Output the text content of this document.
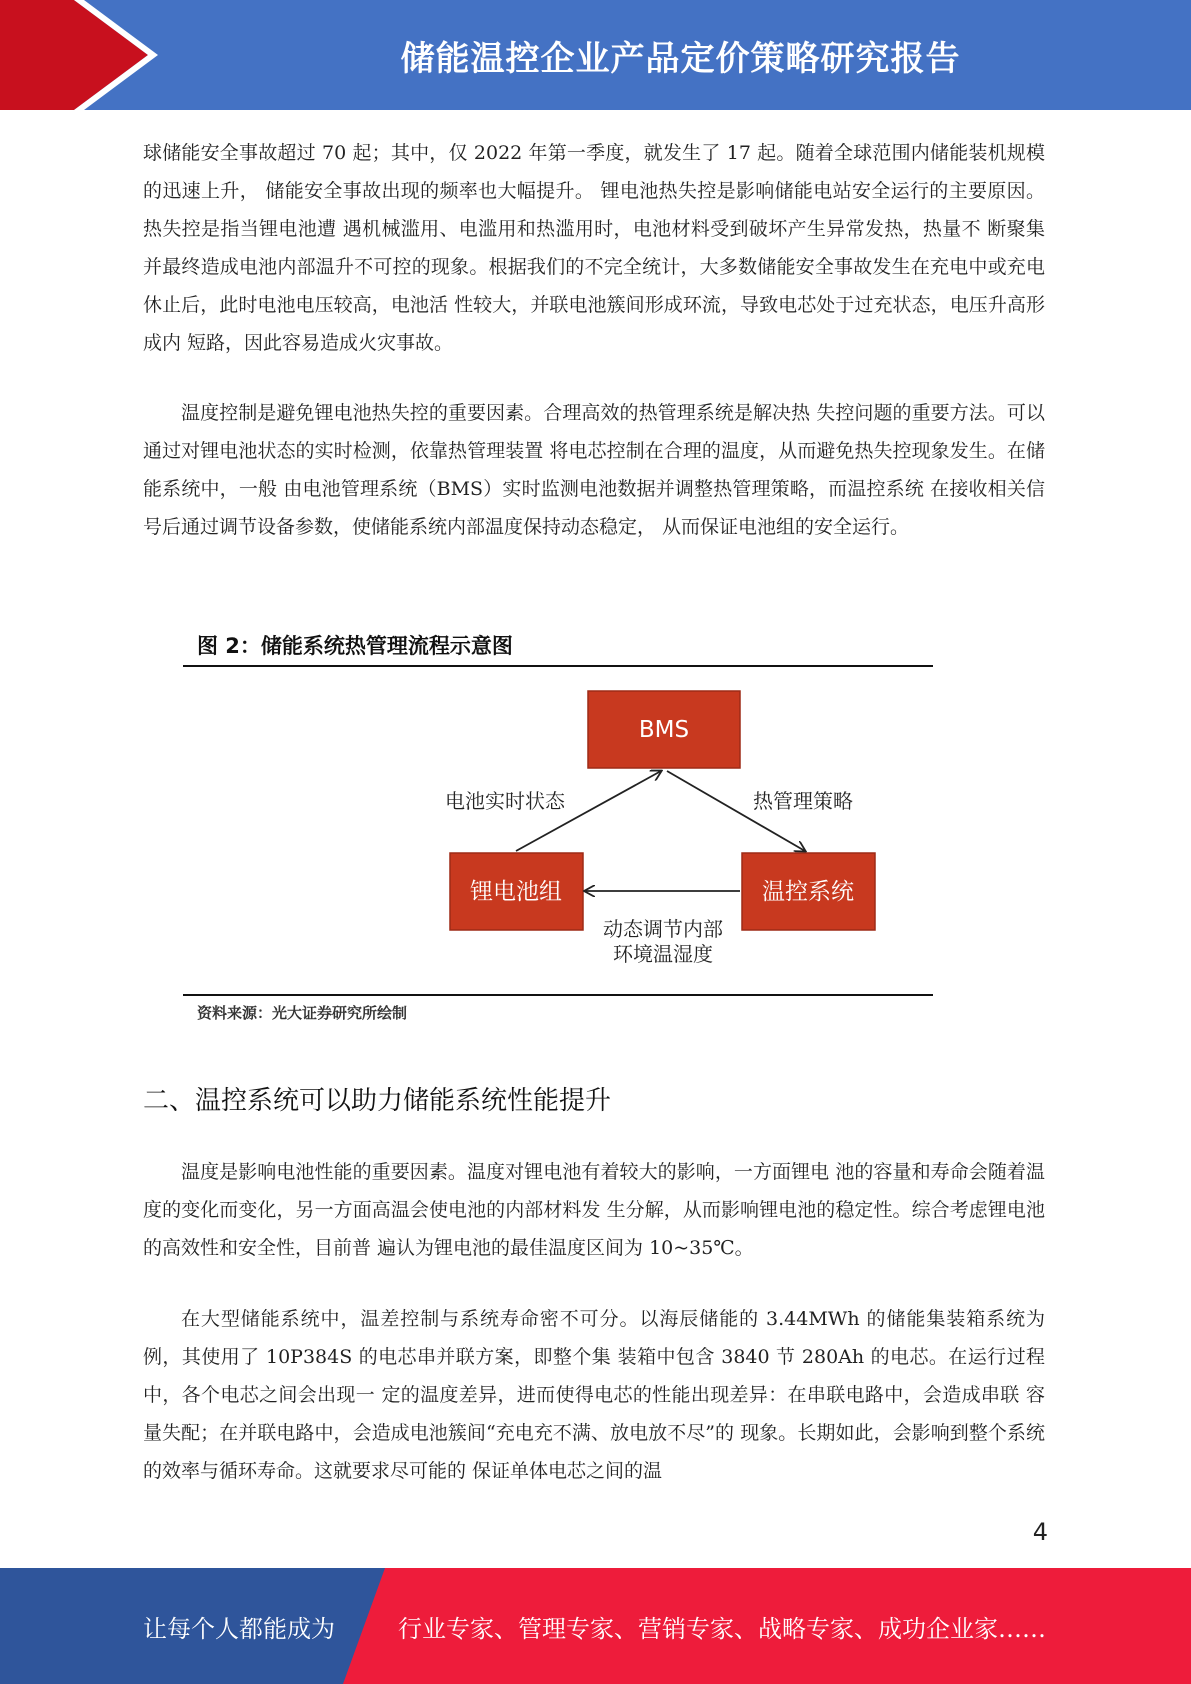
储能温控企业产品定价策略研究报告

球储能安全事故超过 70 起；其中，仅 2022 年第一季度，就发生了 17 起。随着全球范围内储能装机规模的迅速上升， 储能安全事故出现的频率也大幅提升。 锂电池热失控是影响储能电站安全运行的主要原因。热失控是指当锂电池遭 遇机械滥用、电滥用和热滥用时，电池材料受到破坏产生异常发热，热量不 断聚集并最终造成电池内部温升不可控的现象。根据我们的不完全统计，大多数储能安全事故发生在充电中或充电休止后，此时电池电压较高，电池活 性较大，并联电池簇间形成环流，导致电芯处于过充状态，电压升高形成内 短路，因此容易造成火灾事故。

温度控制是避免锂电池热失控的重要因素。合理高效的热管理系统是解决热 失控问题的重要方法。可以通过对锂电池状态的实时检测，依靠热管理装置 将电芯控制在合理的温度，从而避免热失控现象发生。在储能系统中，一般 由电池管理系统（BMS）实时监测电池数据并调整热管理策略，而温控系统 在接收相关信号后通过调节设备参数，使储能系统内部温度保持动态稳定， 从而保证电池组的安全运行。

图 2：储能系统热管理流程示意图
BMS
锂电池组	温控系统
电池实时状态	热管理策略
动态调节内部
环境温湿度
资料来源：光大证券研究所绘制
二、温控系统可以助力储能系统性能提升

温度是影响电池性能的重要因素。温度对锂电池有着较大的影响，一方面锂电 池的容量和寿命会随着温度的变化而变化，另一方面高温会使电池的内部材料发 生分解，从而影响锂电池的稳定性。综合考虑锂电池的高效性和安全性，目前普 遍认为锂电池的最佳温度区间为 10~35℃。

在大型储能系统中，温差控制与系统寿命密不可分。以海辰储能的 3.44MWh 的储能集装箱系统为例，其使用了 10P384S 的电芯串并联方案，即整个集 装箱中包含 3840 节 280Ah 的电芯。在运行过程中，各个电芯之间会出现一 定的温度差异，进而使得电芯的性能出现差异：在串联电路中，会造成串联 容量失配；在并联电路中，会造成电池簇间“充电充不满、放电放不尽”的 现象。长期如此，会影响到整个系统的效率与循环寿命。这就要求尽可能的 保证单体电芯之间的温

4
让每个人都能成为	行业专家、管理专家、营销专家、战略专家、成功企业家……
